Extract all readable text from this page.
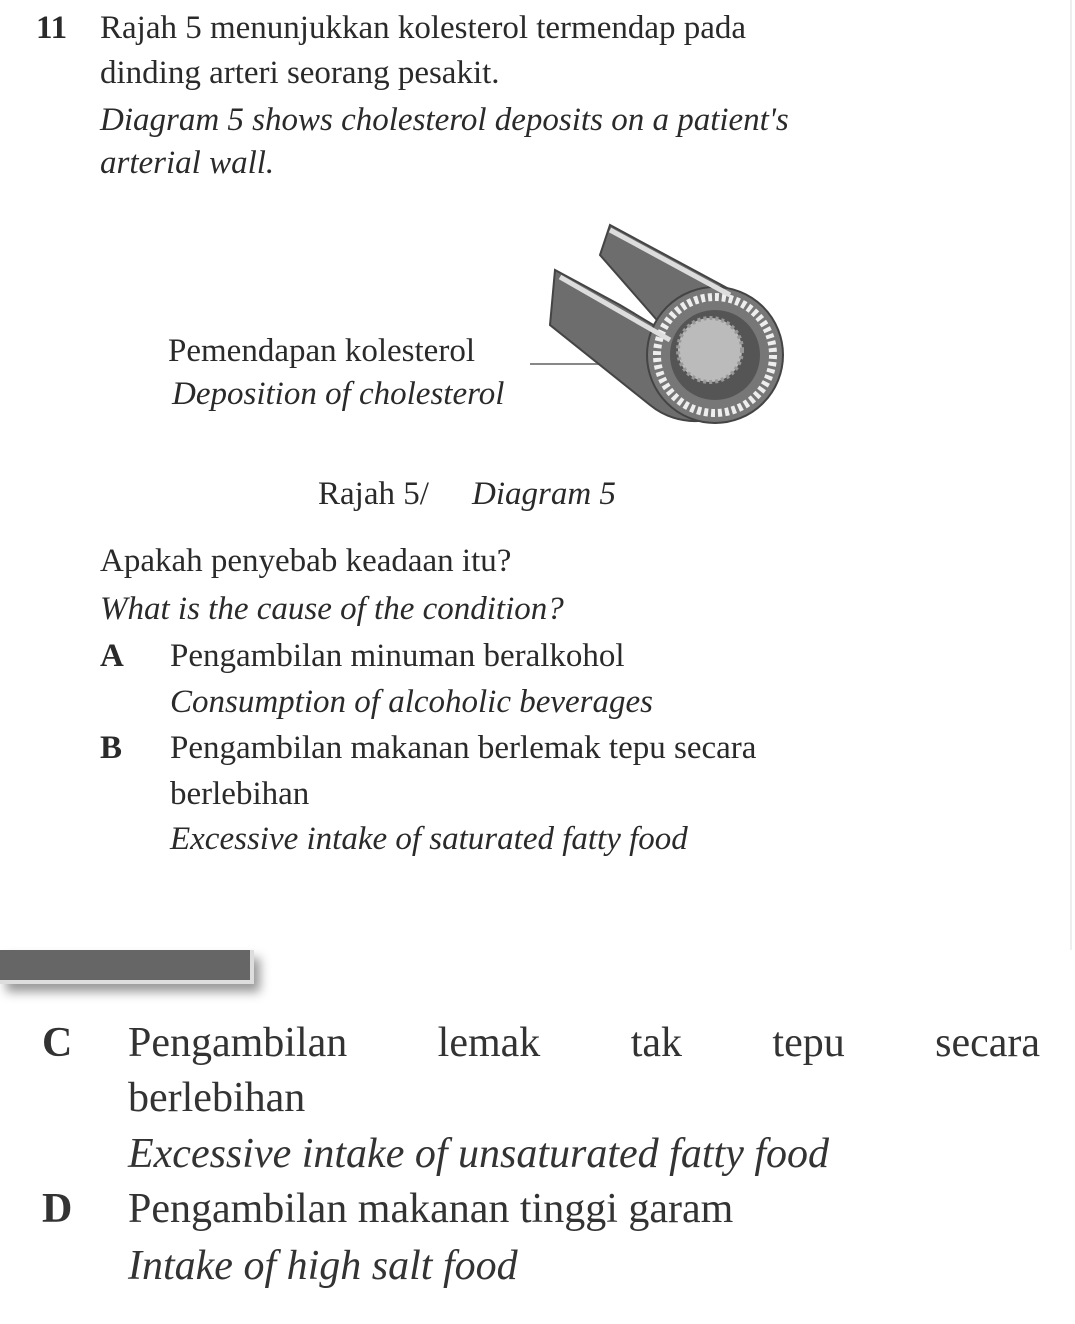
11 Rajah 5 menunjukkan kolesterol termendap pada
dinding arteri seorang pesakit.
Diagram 5 shows cholesterol deposits on a patient's
arterial wall.
Pemendapan kolesterol
Deposition of cholesterol
Rajah 5/ Diagram 5
Apakah penyebab keadaan itu?
What is the cause of the condition?
A Pengambilan minuman beralkohol
Consumption of alcoholic beverages
B Pengambilan makanan berlemak tepu secara
berlebihan
Excessive intake of saturated fatty food
C Pengambilan lemak tak tepu secara
berlebihan
Excessive intake of unsaturated fatty food
D Pengambilan makanan tinggi garam
Intake of high salt food
